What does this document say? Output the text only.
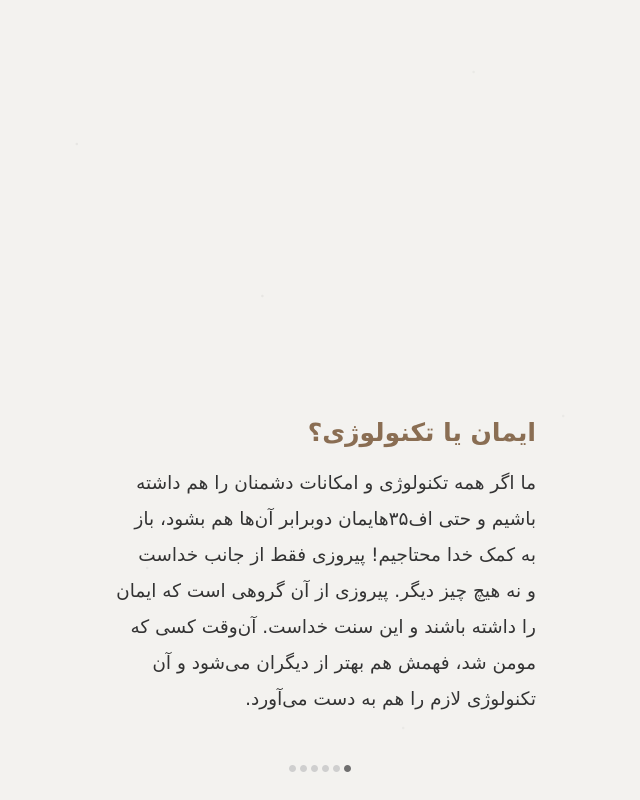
ایمان یا تکنولوژی؟

ما اگر همه تکنولوژی و امکانات دشمنان را هم داشته
باشیم و حتی اف۳۵هایمان دوبرابر آن‌ها هم بشود، باز
به کمک خدا محتاجیم! پیروزی فقط از جانب خداست
و نه هیچ چیز دیگر. پیروزی از آن گروهی است که ایمان
را داشته باشند و این سنت خداست. آن‌وقت کسی که
مومن شد، فهمش هم بهتر از دیگران می‌شود و آن
تکنولوژی لازم را هم به دست می‌آورد.
